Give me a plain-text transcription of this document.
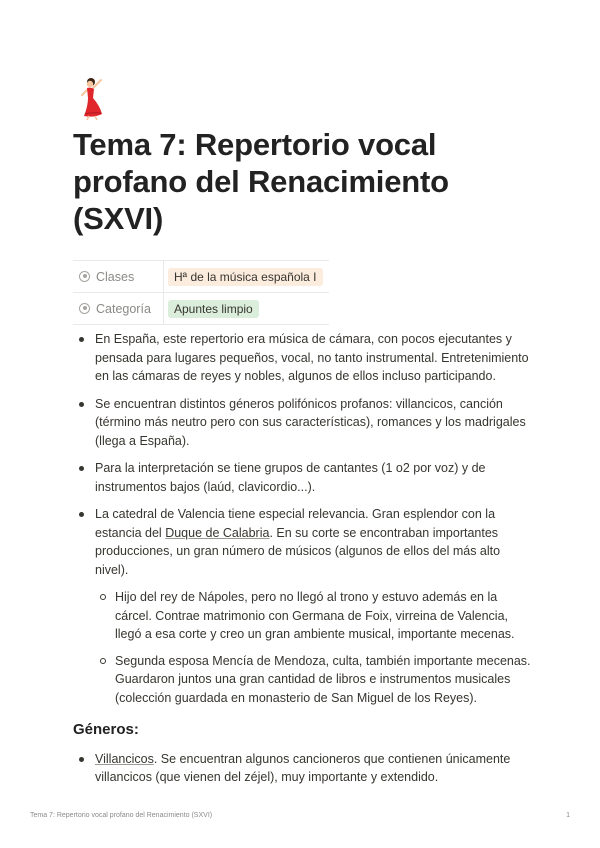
Tema 7: Repertorio vocal profano del Renacimiento (SXVI)
Clases	Hª de la música española I
Categoría	Apuntes limpio
En España, este repertorio era música de cámara, con pocos ejecutantes y pensada para lugares pequeños, vocal, no tanto instrumental. Entretenimiento en las cámaras de reyes y nobles, algunos de ellos incluso participando.
Se encuentran distintos géneros polifónicos profanos: villancicos, canción (término más neutro pero con sus características), romances y los madrigales (llega a España).
Para la interpretación se tiene grupos de cantantes (1 o2 por voz) y de instrumentos bajos (laúd, clavicordio...).
La catedral de Valencia tiene especial relevancia. Gran esplendor con la estancia del Duque de Calabria. En su corte se encontraban importantes producciones, un gran número de músicos (algunos de ellos del más alto nivel).
Hijo del rey de Nápoles, pero no llegó al trono y estuvo además en la cárcel. Contrae matrimonio con Germana de Foix, virreina de Valencia, llegó a esa corte y creo un gran ambiente musical, importante mecenas.
Segunda esposa Mencía de Mendoza, culta, también importante mecenas. Guardaron juntos una gran cantidad de libros e instrumentos musicales (colección guardada en monasterio de San Miguel de los Reyes).
Géneros:
Villancicos. Se encuentran algunos cancioneros que contienen únicamente villancicos (que vienen del zéjel), muy importante y extendido.
Tema 7: Repertorio vocal profano del Renacimiento (SXVI)	1
